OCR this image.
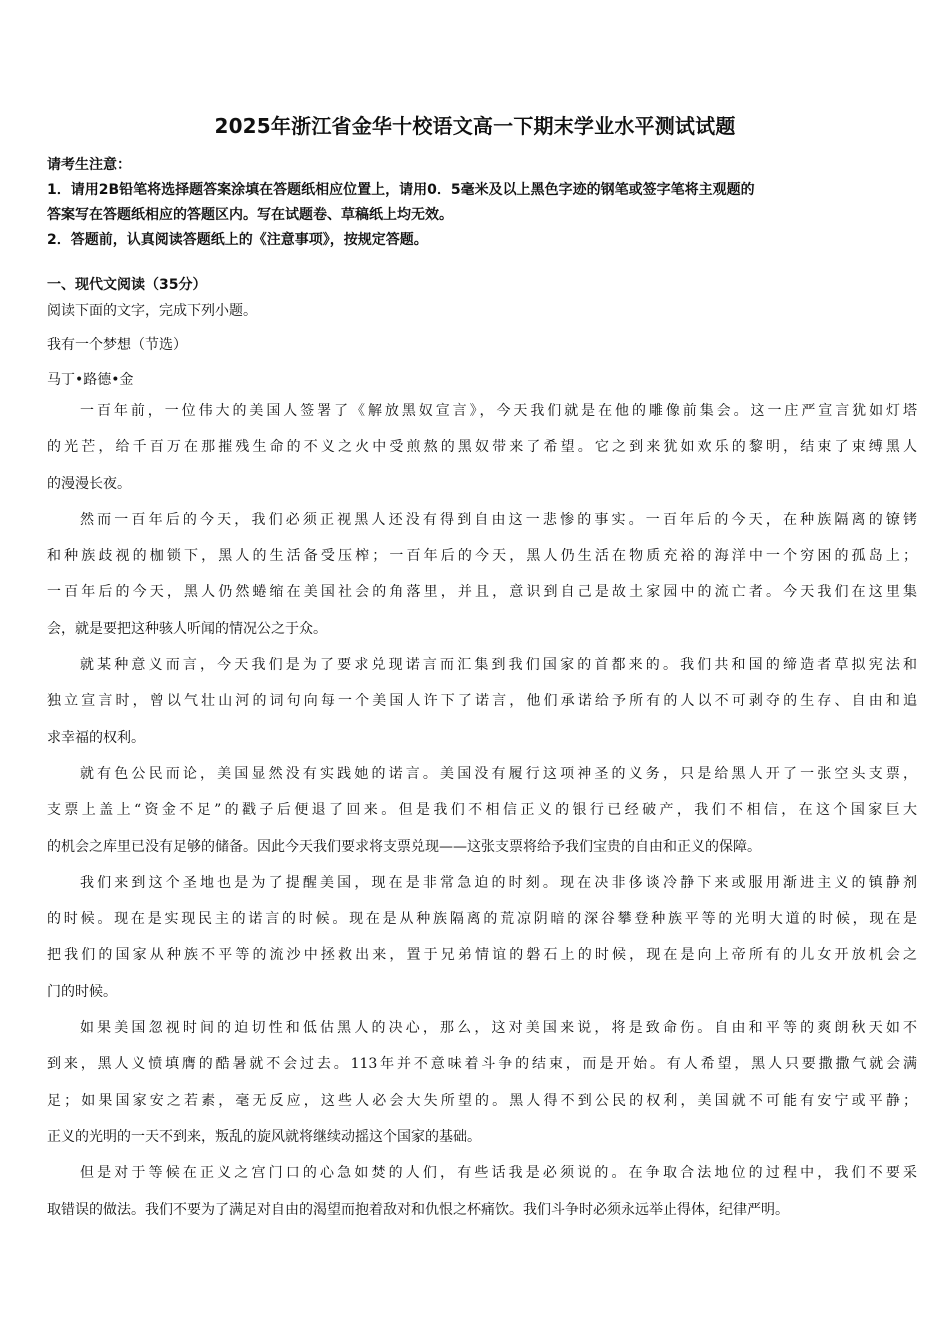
2025年浙江省金华十校语文高一下期末学业水平测试试题
请考生注意：
1．请用2B铅笔将选择题答案涂填在答题纸相应位置上，请用0．5毫米及以上黑色字迹的钢笔或签字笔将主观题的
答案写在答题纸相应的答题区内。写在试题卷、草稿纸上均无效。
2．答题前，认真阅读答题纸上的《注意事项》，按规定答题。
一、现代文阅读（35分）
阅读下面的文字，完成下列小题。
我有一个梦想（节选）
马丁•路德•金
一百年前，一位伟大的美国人签署了《解放黑奴宣言》，今天我们就是在他的雕像前集会。这一庄严宣言犹如灯塔
的光芒，给千百万在那摧残生命的不义之火中受煎熬的黑奴带来了希望。它之到来犹如欢乐的黎明，结束了束缚黑人
的漫漫长夜。
然而一百年后的今天，我们必须正视黑人还没有得到自由这一悲惨的事实。一百年后的今天，在种族隔离的镣铐
和种族歧视的枷锁下，黑人的生活备受压榨；一百年后的今天，黑人仍生活在物质充裕的海洋中一个穷困的孤岛上；
一百年后的今天，黑人仍然蜷缩在美国社会的角落里，并且，意识到自己是故土家园中的流亡者。今天我们在这里集
会，就是要把这种骇人听闻的情况公之于众。
就某种意义而言，今天我们是为了要求兑现诺言而汇集到我们国家的首都来的。我们共和国的缔造者草拟宪法和
独立宣言时，曾以气壮山河的词句向每一个美国人许下了诺言，他们承诺给予所有的人以不可剥夺的生存、自由和追
求幸福的权利。
就有色公民而论，美国显然没有实践她的诺言。美国没有履行这项神圣的义务，只是给黑人开了一张空头支票，
支票上盖上“资金不足”的戳子后便退了回来。但是我们不相信正义的银行已经破产，我们不相信，在这个国家巨大
的机会之库里已没有足够的储备。因此今天我们要求将支票兑现——这张支票将给予我们宝贵的自由和正义的保障。
我们来到这个圣地也是为了提醒美国，现在是非常急迫的时刻。现在决非侈谈冷静下来或服用渐进主义的镇静剂
的时候。现在是实现民主的诺言的时候。现在是从种族隔离的荒凉阴暗的深谷攀登种族平等的光明大道的时候，现在是
把我们的国家从种族不平等的流沙中拯救出来，置于兄弟情谊的磐石上的时候，现在是向上帝所有的儿女开放机会之
门的时候。
如果美国忽视时间的迫切性和低估黑人的决心，那么，这对美国来说，将是致命伤。自由和平等的爽朗秋天如不
到来，黑人义愤填膺的酷暑就不会过去。113年并不意味着斗争的结束，而是开始。有人希望，黑人只要撒撒气就会满
足；如果国家安之若素，毫无反应，这些人必会大失所望的。黑人得不到公民的权利，美国就不可能有安宁或平静；
正义的光明的一天不到来，叛乱的旋风就将继续动摇这个国家的基础。
但是对于等候在正义之宫门口的心急如焚的人们，有些话我是必须说的。在争取合法地位的过程中，我们不要采
取错误的做法。我们不要为了满足对自由的渴望而抱着敌对和仇恨之杯痛饮。我们斗争时必须永远举止得体，纪律严明。
